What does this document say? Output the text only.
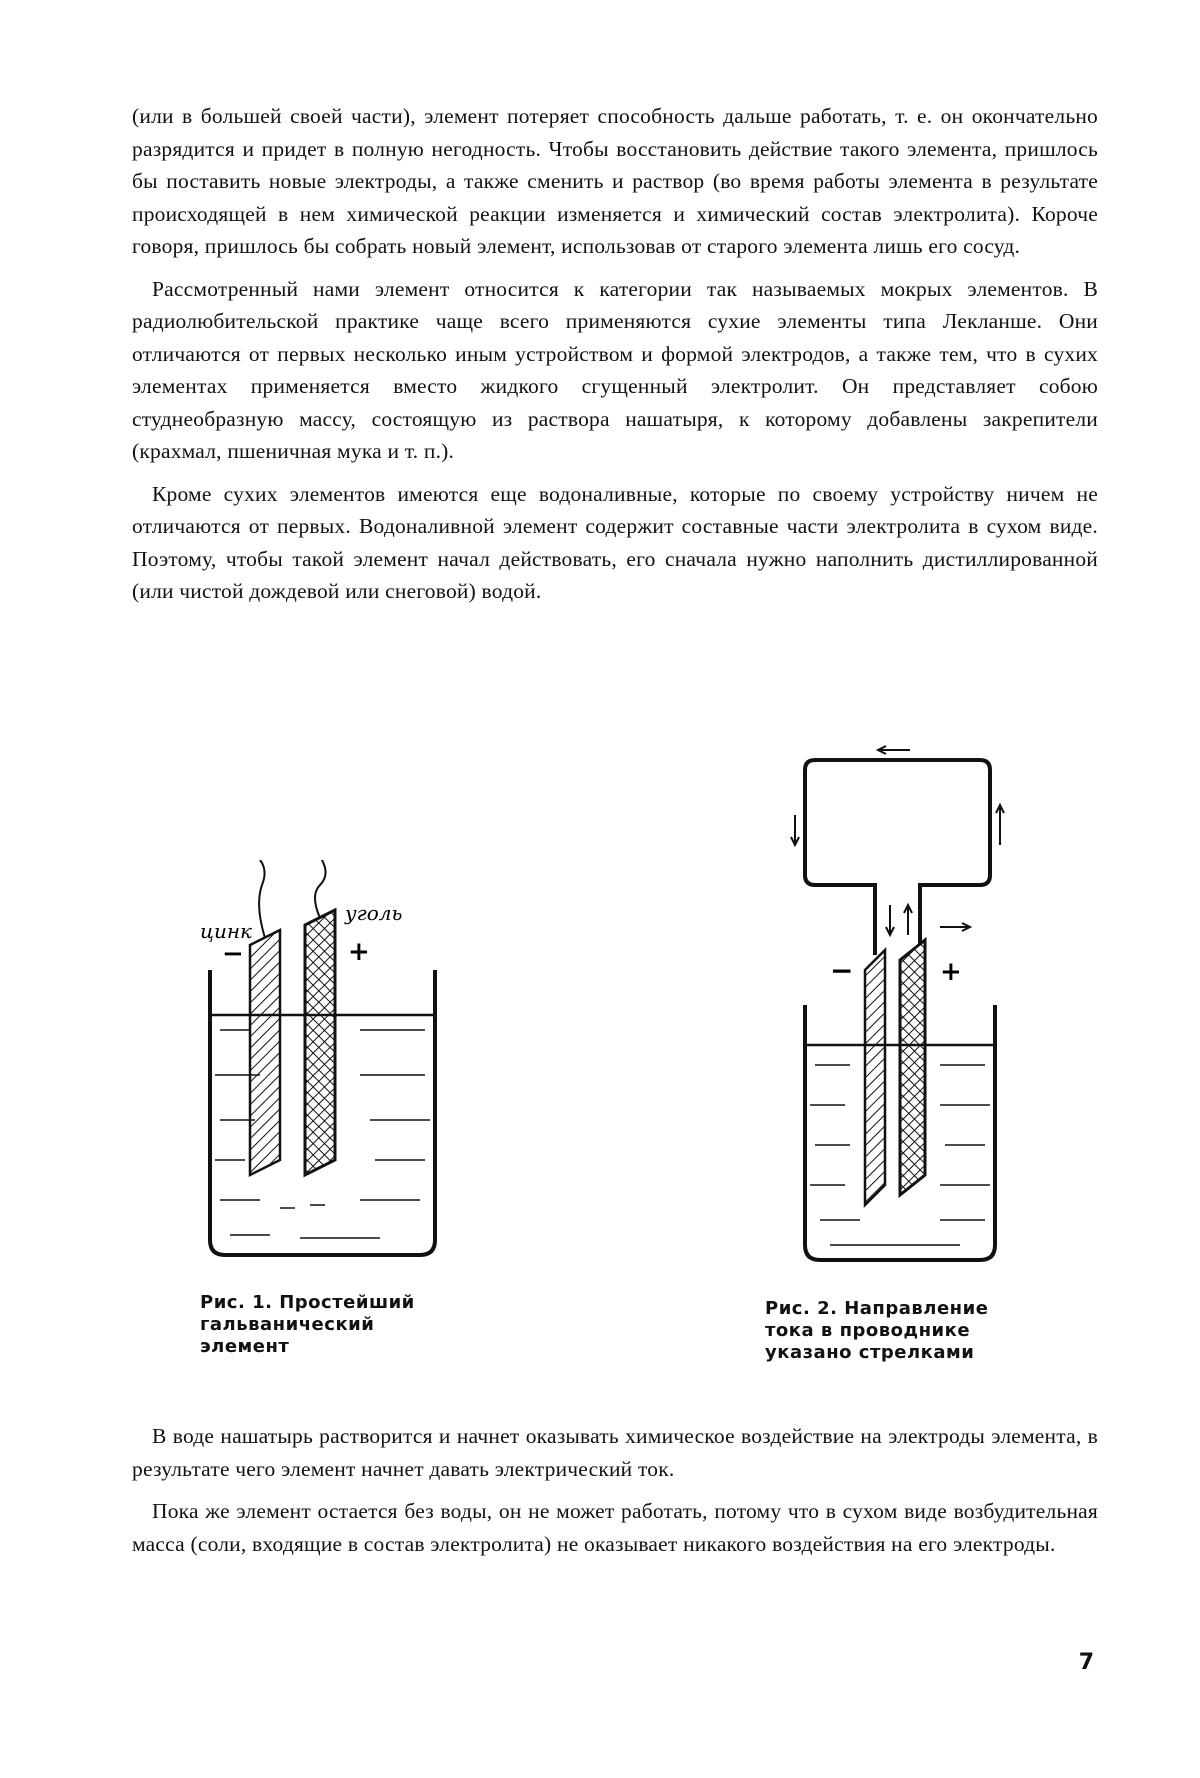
(или в большей своей части), элемент потеряет способность дальше работать, т. е. он окончательно разрядится и придет в полную негодность. Чтобы восстановить действие такого элемента, пришлось бы поставить новые электроды, а также сменить и раствор (во время работы элемента в результате происходящей в нем химической реакции изменяется и химический состав электролита). Короче говоря, пришлось бы собрать новый элемент, использовав от старого элемента лишь его сосуд.

Рассмотренный нами элемент относится к категории так называемых мокрых элементов. В радиолюбительской практике чаще всего применяются сухие элементы типа Лекланше. Они отличаются от первых несколько иным устройством и формой электродов, а также тем, что в сухих элементах применяется вместо жидкого сгущенный электролит. Он представляет собою студнеобразную массу, состоящую из раствора нашатыря, к которому добавлены закрепители (крахмал, пшеничная мука и т. п.).

Кроме сухих элементов имеются еще водоналивные, которые по своему устройству ничем не отличаются от первых. Водоналивной элемент содержит составные части электролита в сухом виде. Поэтому, чтобы такой элемент начал действовать, его сначала нужно наполнить дистиллированной (или чистой дождевой или снеговой) водой.

цинк
уголь
−	+
Рис. 1. Простейший гальванический элемент
−	+
Рис. 2. Направление тока в проводнике указано стрелками

В воде нашатырь растворится и начнет оказывать химическое воздействие на электроды элемента, в результате чего элемент начнет давать электрический ток.

Пока же элемент остается без воды, он не может работать, потому что в сухом виде возбудительная масса (соли, входящие в состав электролита) не оказывает никакого воздействия на его электроды.

7
